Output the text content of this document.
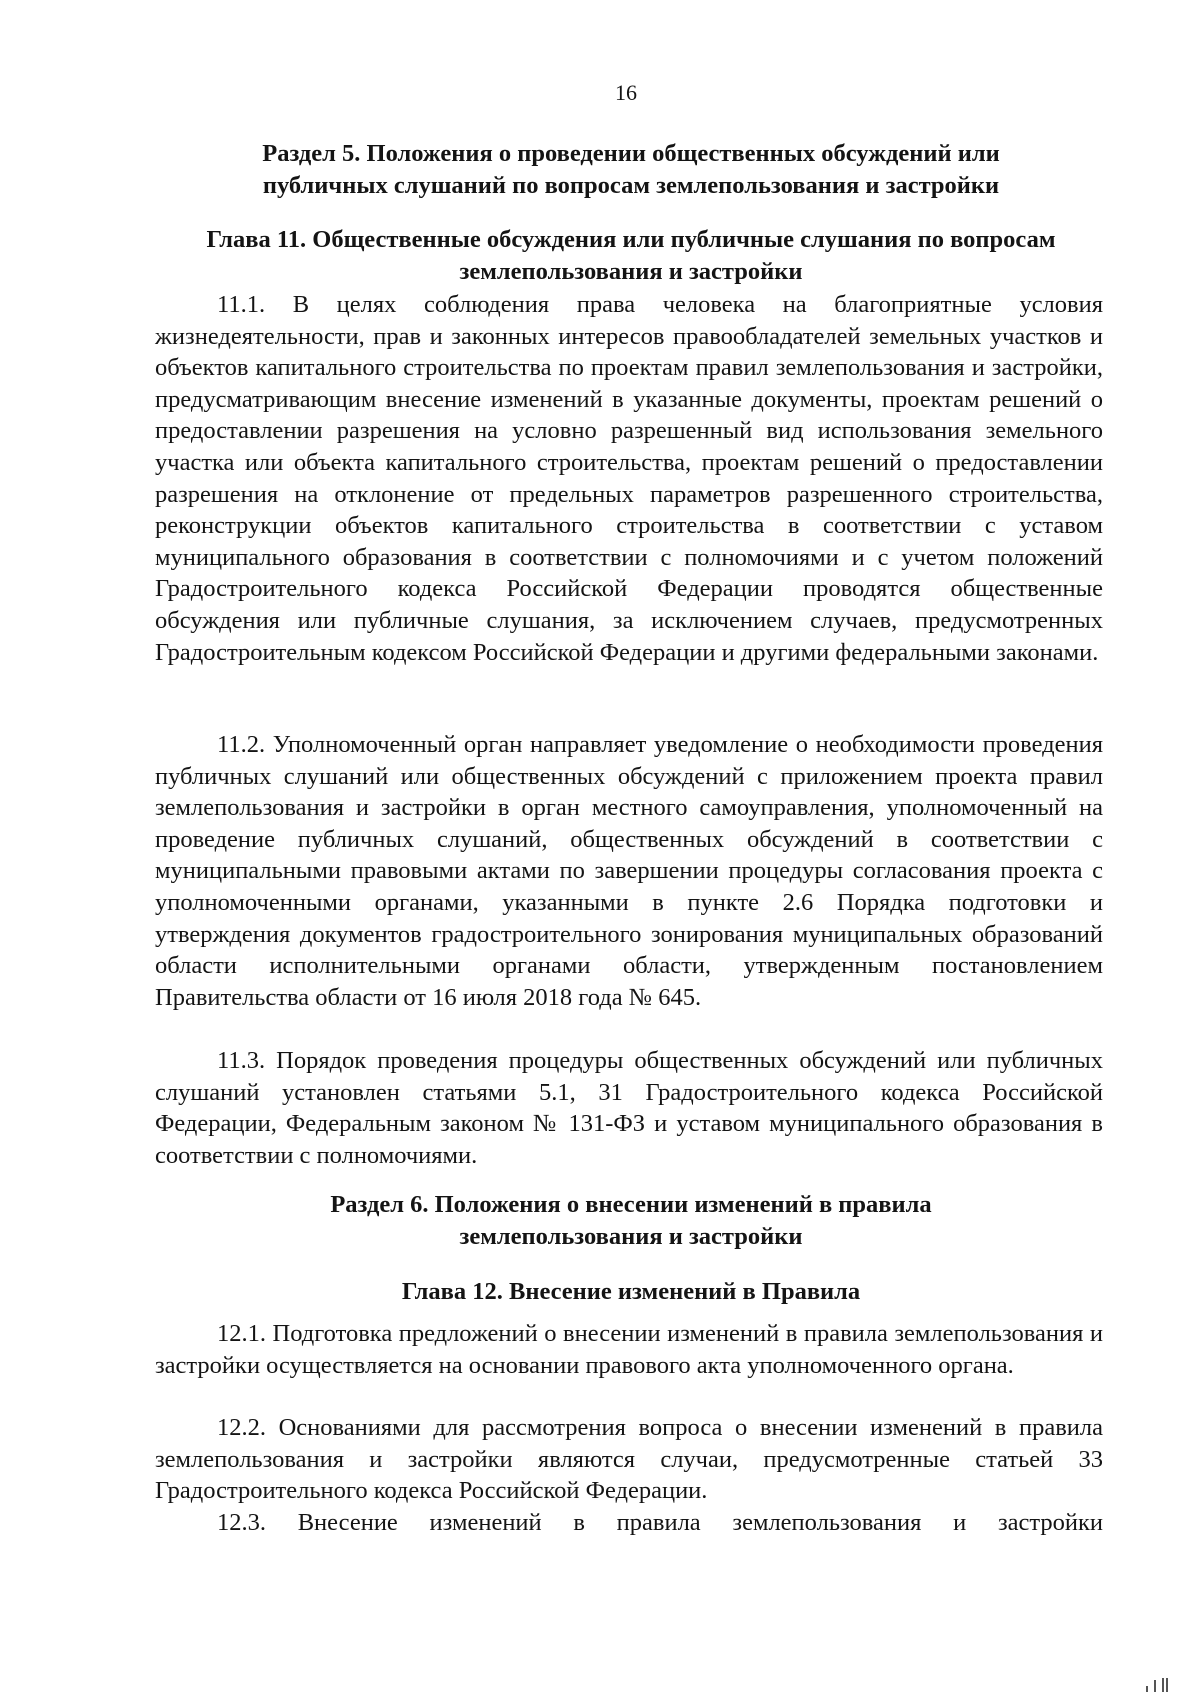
16
Раздел 5. Положения о проведении общественных обсуждений или
публичных слушаний по вопросам землепользования и застройки
Глава 11. Общественные обсуждения или публичные слушания по вопросам
землепользования и застройки
11.1. В целях соблюдения права человека на благоприятные условия жизнедеятельности, прав и законных интересов правообладателей земельных участков и объектов капитального строительства по проектам правил землепользования и застройки, предусматривающим внесение изменений в указанные документы, проектам решений о предоставлении разрешения на условно разрешенный вид использования земельного участка или объекта капитального строительства, проектам решений о предоставлении разрешения на отклонение от предельных параметров разрешенного строительства, реконструкции объектов капитального строительства в соответствии с уставом муниципального образования в соответствии с полномочиями и с учетом положений Градостроительного кодекса Российской Федерации проводятся общественные обсуждения или публичные слушания, за исключением случаев, предусмотренных Градостроительным кодексом Российской Федерации и другими федеральными законами.
11.2. Уполномоченный орган направляет уведомление о необходимости проведения публичных слушаний или общественных обсуждений с приложением проекта правил землепользования и застройки в орган местного самоуправления, уполномоченный на проведение публичных слушаний, общественных обсуждений в соответствии с муниципальными правовыми актами по завершении процедуры согласования проекта с уполномоченными органами, указанными в пункте 2.6 Порядка подготовки и утверждения документов градостроительного зонирования муниципальных образований области исполнительными органами области, утвержденным постановлением Правительства области от 16 июля 2018 года № 645.
11.3. Порядок проведения процедуры общественных обсуждений или публичных слушаний установлен статьями 5.1, 31 Градостроительного кодекса Российской Федерации, Федеральным законом № 131-ФЗ и уставом муниципального образования в соответствии с полномочиями.
Раздел 6. Положения о внесении изменений в правила
землепользования и застройки
Глава 12. Внесение изменений в Правила
12.1. Подготовка предложений о внесении изменений в правила землепользования и застройки осуществляется на основании правового акта уполномоченного органа.
12.2. Основаниями для рассмотрения вопроса о внесении изменений в правила землепользования и застройки являются случаи, предусмотренные статьей 33 Градостроительного кодекса Российской Федерации.
12.3. Внесение изменений в правила землепользования и застройки
